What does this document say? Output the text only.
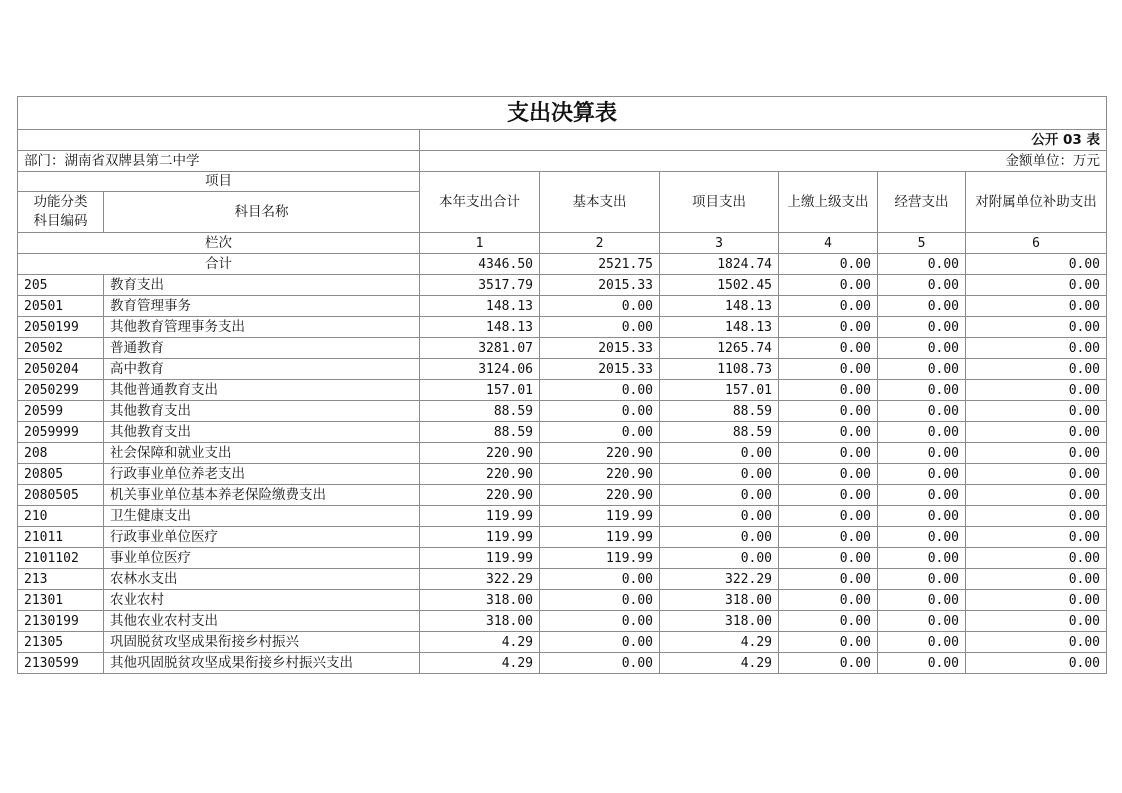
支出决算表							
		公开 03 表					
部门：湖南省双牌县第二中学		金额单位：万元					
项目		本年支出合计	基本支出	项目支出	上缴上级支出	经营支出	对附属单位补助支出
功能分类
科目编码	科目名称						
栏次		1	2	3	4	5	6
合计		4346.50	2521.75	1824.74	0.00	0.00	0.00
205	教育支出	3517.79	2015.33	1502.45	0.00	0.00	0.00
20501	教育管理事务	148.13	0.00	148.13	0.00	0.00	0.00
2050199	其他教育管理事务支出	148.13	0.00	148.13	0.00	0.00	0.00
20502	普通教育	3281.07	2015.33	1265.74	0.00	0.00	0.00
2050204	高中教育	3124.06	2015.33	1108.73	0.00	0.00	0.00
2050299	其他普通教育支出	157.01	0.00	157.01	0.00	0.00	0.00
20599	其他教育支出	88.59	0.00	88.59	0.00	0.00	0.00
2059999	其他教育支出	88.59	0.00	88.59	0.00	0.00	0.00
208	社会保障和就业支出	220.90	220.90	0.00	0.00	0.00	0.00
20805	行政事业单位养老支出	220.90	220.90	0.00	0.00	0.00	0.00
2080505	机关事业单位基本养老保险缴费支出	220.90	220.90	0.00	0.00	0.00	0.00
210	卫生健康支出	119.99	119.99	0.00	0.00	0.00	0.00
21011	行政事业单位医疗	119.99	119.99	0.00	0.00	0.00	0.00
2101102	事业单位医疗	119.99	119.99	0.00	0.00	0.00	0.00
213	农林水支出	322.29	0.00	322.29	0.00	0.00	0.00
21301	农业农村	318.00	0.00	318.00	0.00	0.00	0.00
2130199	其他农业农村支出	318.00	0.00	318.00	0.00	0.00	0.00
21305	巩固脱贫攻坚成果衔接乡村振兴	4.29	0.00	4.29	0.00	0.00	0.00
2130599	其他巩固脱贫攻坚成果衔接乡村振兴支出	4.29	0.00	4.29	0.00	0.00	0.00
